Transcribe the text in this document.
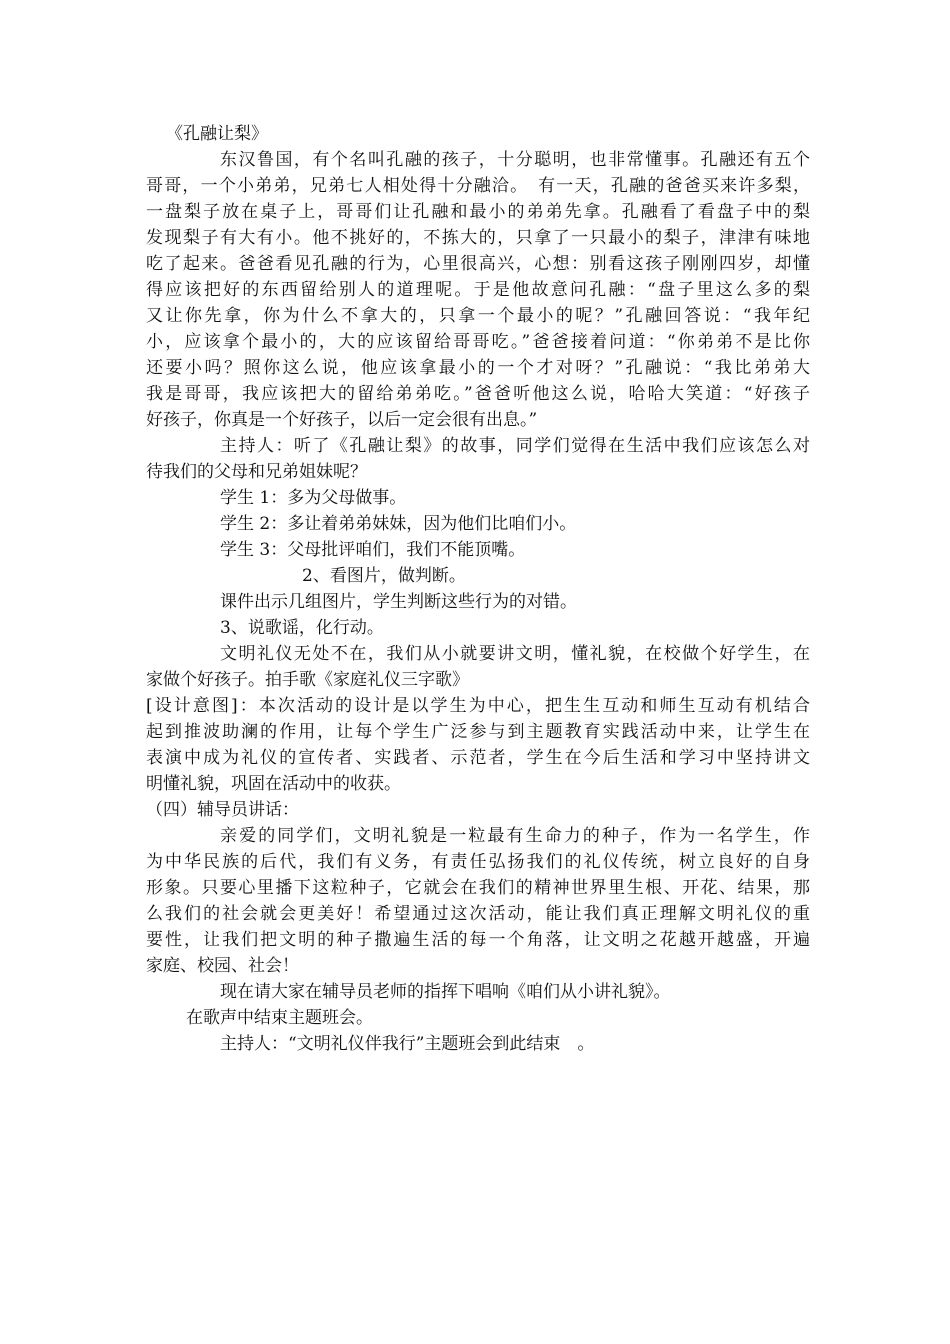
《孔融让梨》
东汉鲁国，有个名叫孔融的孩子，十分聪明，也非常懂事。孔融还有五个
哥哥，一个小弟弟，兄弟七人相处得十分融洽。　有一天，孔融的爸爸买来许多梨，
一盘梨子放在桌子上，哥哥们让孔融和最小的弟弟先拿。孔融看了看盘子中的梨
发现梨子有大有小。他不挑好的，不拣大的，只拿了一只最小的梨子，津津有味地
吃了起来。爸爸看见孔融的行为，心里很高兴，心想：别看这孩子刚刚四岁，却懂
得应该把好的东西留给别人的道理呢。于是他故意问孔融：“盘子里这么多的梨
又让你先拿，你为什么不拿大的，只拿一个最小的呢？”孔融回答说：“我年纪
小，应该拿个最小的，大的应该留给哥哥吃。”爸爸接着问道：“你弟弟不是比你
还要小吗？照你这么说，他应该拿最小的一个才对呀？”孔融说：“我比弟弟大
我是哥哥，我应该把大的留给弟弟吃。”爸爸听他这么说，哈哈大笑道：“好孩子
好孩子，你真是一个好孩子，以后一定会很有出息。”
主持人：听了《孔融让梨》的故事，同学们觉得在生活中我们应该怎么对
待我们的父母和兄弟姐妹呢？
学生 1：多为父母做事。
学生 2：多让着弟弟妹妹，因为他们比咱们小。
学生 3：父母批评咱们，我们不能顶嘴。
2、看图片，做判断。
课件出示几组图片，学生判断这些行为的对错。
3、说歌谣，化行动。
文明礼仪无处不在，我们从小就要讲文明，懂礼貌，在校做个好学生，在
家做个好孩子。拍手歌《家庭礼仪三字歌》
[设计意图]：本次活动的设计是以学生为中心，把生生互动和师生互动有机结合
起到推波助澜的作用，让每个学生广泛参与到主题教育实践活动中来，让学生在
表演中成为礼仪的宣传者、实践者、示范者，学生在今后生活和学习中坚持讲文
明懂礼貌，巩固在活动中的收获。
（四）辅导员讲话：
亲爱的同学们，文明礼貌是一粒最有生命力的种子，作为一名学生，作
为中华民族的后代，我们有义务，有责任弘扬我们的礼仪传统，树立良好的自身
形象。只要心里播下这粒种子，它就会在我们的精神世界里生根、开花、结果，那
么我们的社会就会更美好！希望通过这次活动，能让我们真正理解文明礼仪的重
要性，让我们把文明的种子撒遍生活的每一个角落，让文明之花越开越盛，开遍
家庭、校园、社会！
现在请大家在辅导员老师的指挥下唱响《咱们从小讲礼貌》。
在歌声中结束主题班会。
主持人：“文明礼仪伴我行”主题班会到此结束　。
